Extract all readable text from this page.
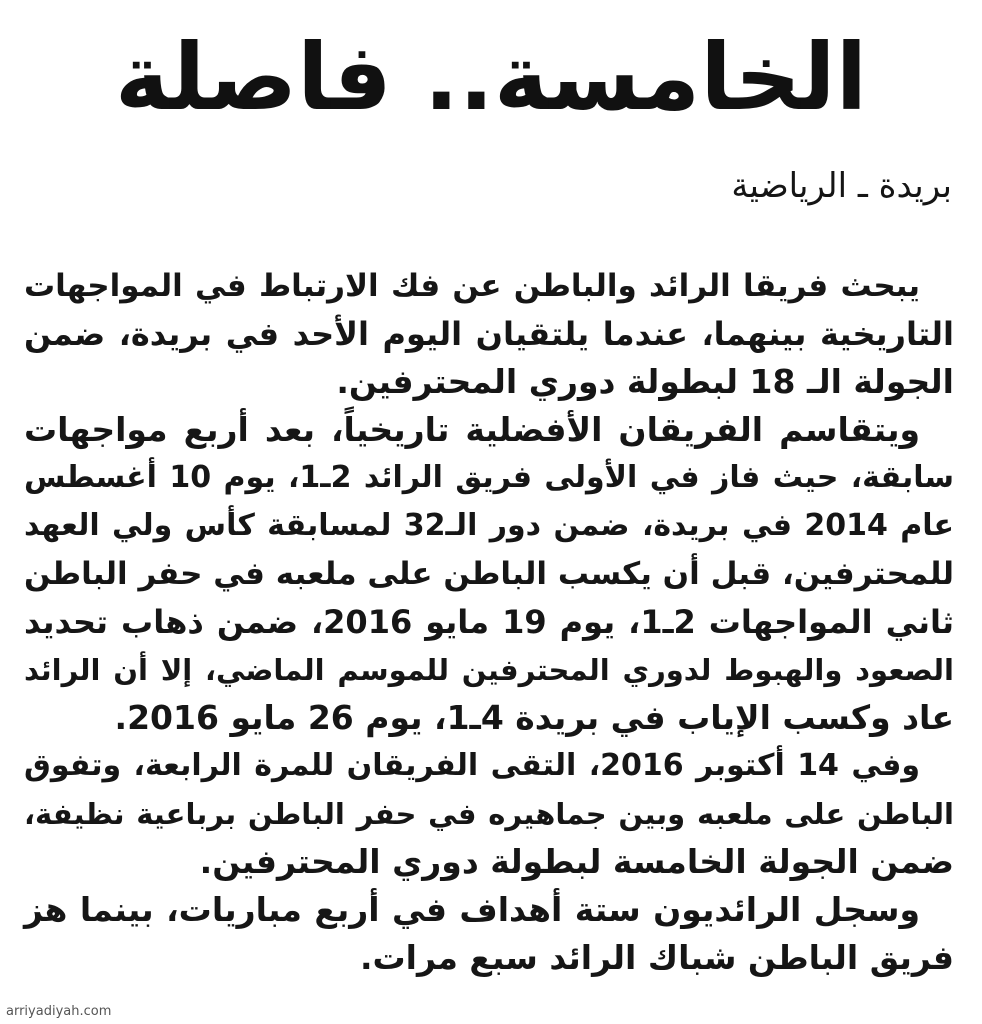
الخامسة.. فاصلة
بريدة ـ الرياضية
يبحث فريقا الرائد والباطن عن فك الارتباط في المواجهات
التاريخية بينهما، عندما يلتقيان اليوم الأحد في بريدة، ضمن
الجولة الـ 18 لبطولة دوري المحترفين.
ويتقاسم الفريقان الأفضلية تاريخياً، بعد أربع مواجهات
سابقة، حيث فاز في الأولى فريق الرائد 2ـ1، يوم 10 أغسطس
عام 2014 في بريدة، ضمن دور الـ32 لمسابقة كأس ولي العهد
للمحترفين، قبل أن يكسب الباطن على ملعبه في حفر الباطن
ثاني المواجهات 2ـ1، يوم 19 مايو 2016، ضمن ذهاب تحديد
الصعود والهبوط لدوري المحترفين للموسم الماضي، إلا أن الرائد
عاد وكسب الإياب في بريدة 4ـ1، يوم 26 مايو 2016.
وفي 14 أكتوبر 2016، التقى الفريقان للمرة الرابعة، وتفوق
الباطن على ملعبه وبين جماهيره في حفر الباطن برباعية نظيفة،
ضمن الجولة الخامسة لبطولة دوري المحترفين.
وسجل الرائديون ستة أهداف في أربع مباريات، بينما هز
فريق الباطن شباك الرائد سبع مرات.
arriyadiyah.com
